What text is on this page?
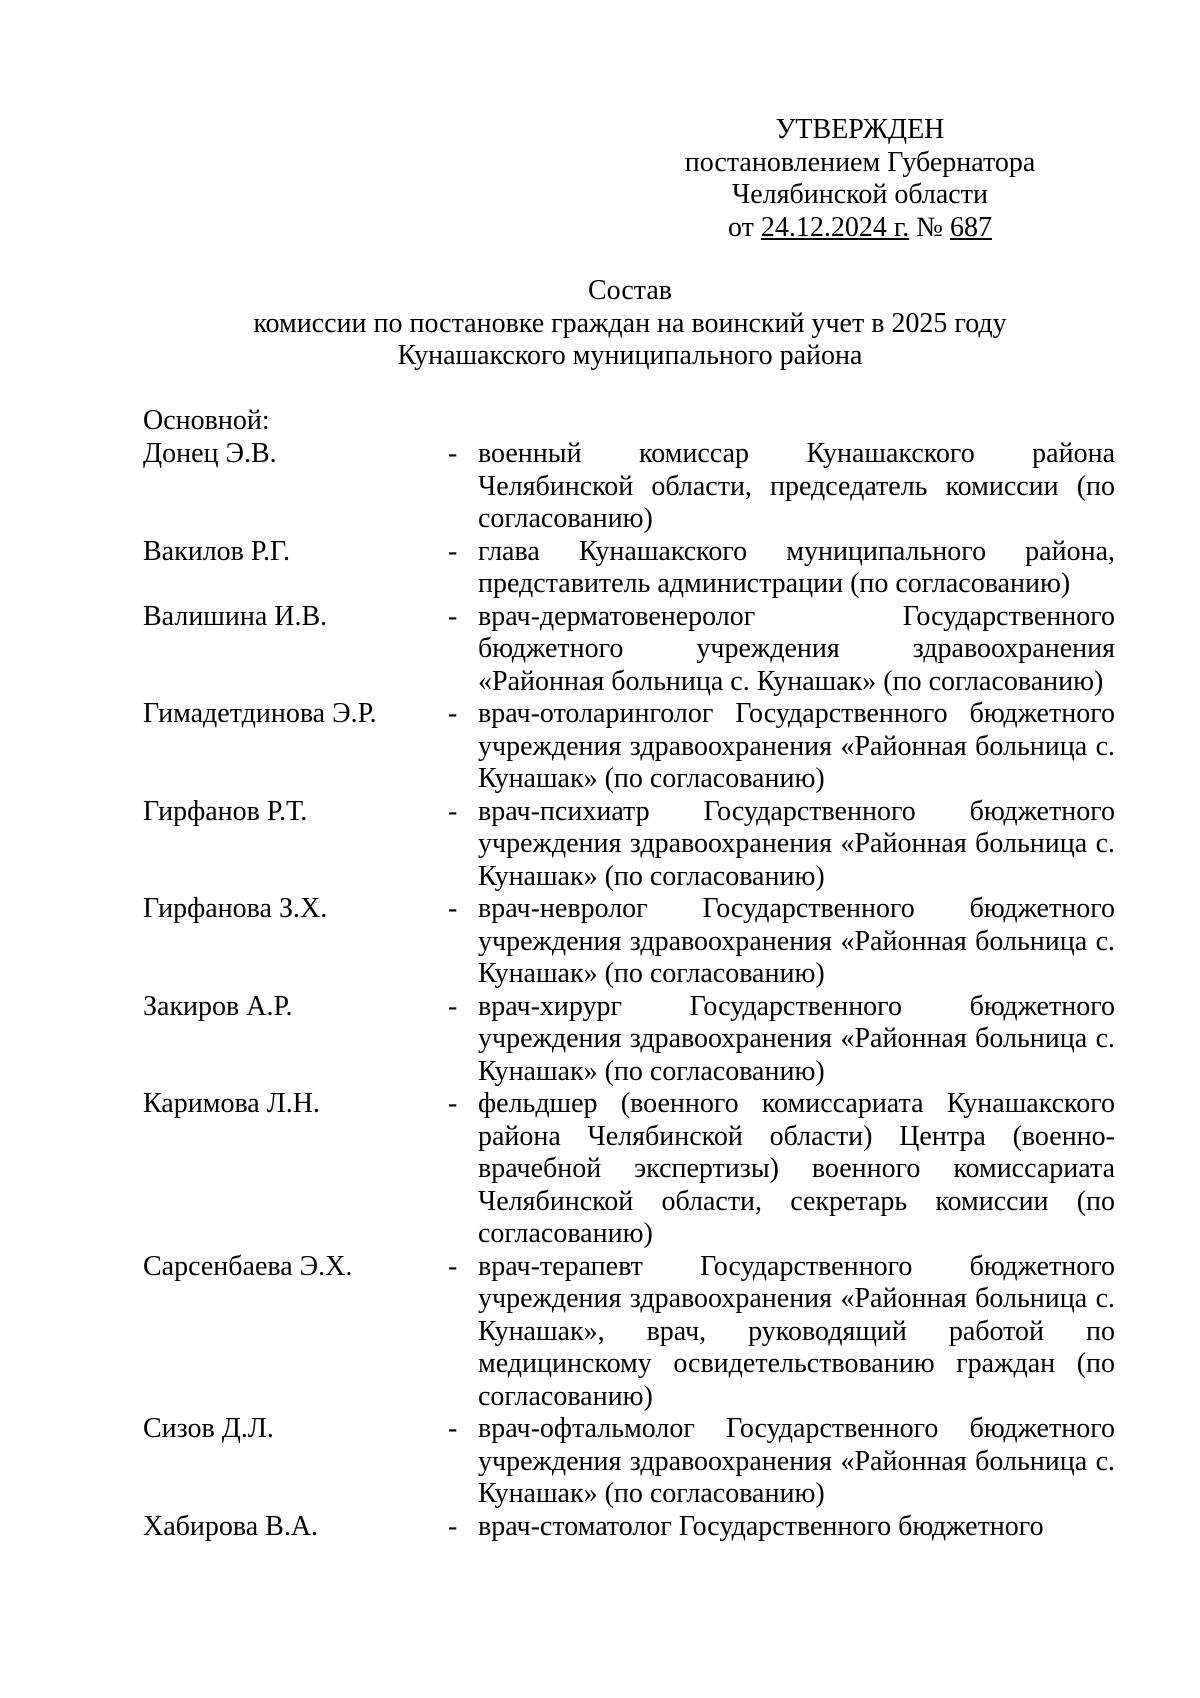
УТВЕРЖДЕН
постановлением Губернатора
Челябинской области
от 24.12.2024 г. № 687
Состав
комиссии по постановке граждан на воинский учет в 2025 году
Кунашакского муниципального района
Основной:
Донец Э.В.	- военный комиссар Кунашакского района Челябинской области, председатель комиссии (по согласованию)
Вакилов Р.Г.	- глава Кунашакского муниципального района, представитель администрации (по согласованию)
Валишина И.В.	- врач-дерматовенеролог Государственного бюджетного учреждения здравоохранения «Районная больница с. Кунашак» (по согласованию)
Гимадетдинова Э.Р.	- врач-отоларинголог Государственного бюджетного учреждения здравоохранения «Районная больница с. Кунашак» (по согласованию)
Гирфанов Р.Т.	- врач-психиатр Государственного бюджетного учреждения здравоохранения «Районная больница с. Кунашак» (по согласованию)
Гирфанова З.Х.	- врач-невролог Государственного бюджетного учреждения здравоохранения «Районная больница с. Кунашак» (по согласованию)
Закиров А.Р.	- врач-хирург Государственного бюджетного учреждения здравоохранения «Районная больница с. Кунашак» (по согласованию)
Каримова Л.Н.	- фельдшер (военного комиссариата Кунашакского района Челябинской области) Центра (военно-врачебной экспертизы) военного комиссариата Челябинской области, секретарь комиссии (по согласованию)
Сарсенбаева Э.Х.	- врач-терапевт Государственного бюджетного учреждения здравоохранения «Районная больница с. Кунашак», врач, руководящий работой по медицинскому освидетельствованию граждан (по согласованию)
Сизов Д.Л.	- врач-офтальмолог Государственного бюджетного учреждения здравоохранения «Районная больница с. Кунашак» (по согласованию)
Хабирова В.А.	- врач-стоматолог Государственного бюджетного
